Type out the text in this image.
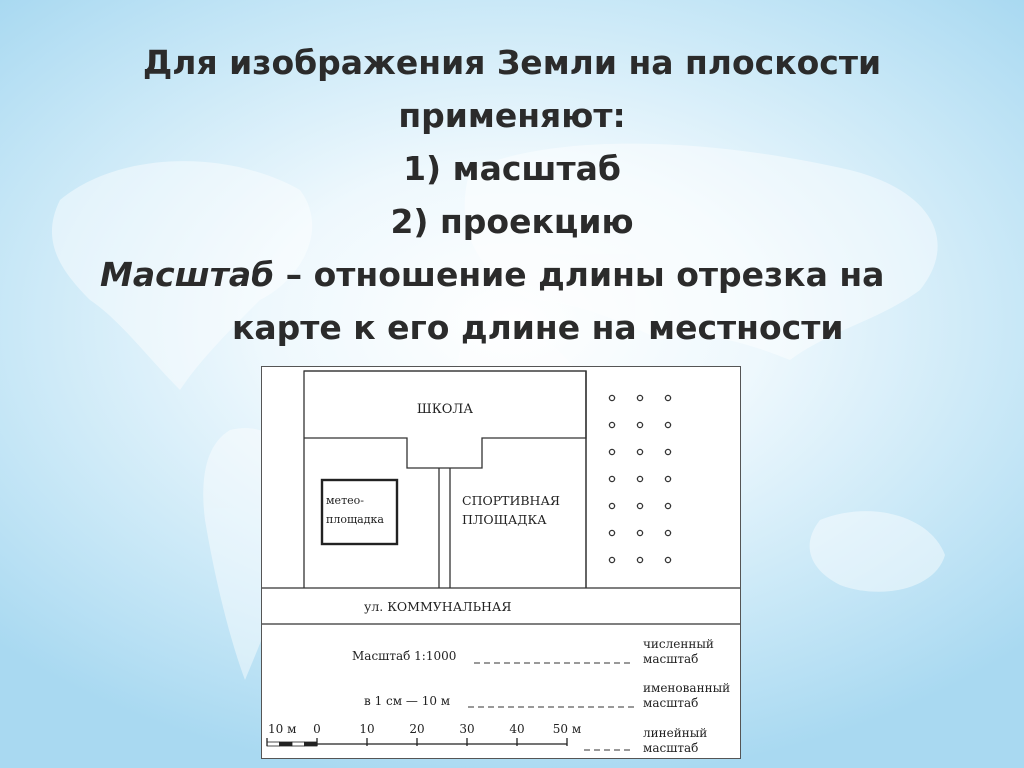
Для изображения Земли на плоскости
применяют:
1) масштаб
2) проекцию
Масштаб – отношение длины отрезка на
карте к его длине на местности
ШКОЛА
метео-
площадка
СПОРТИВНАЯ
ПЛОЩАДКА
ул. КОММУНАЛЬНАЯ
Масштаб 1:1000
численный
масштаб
в 1 см — 10 м
именованный
масштаб
10 м 0	10	20	30	40 50 м	линейный
масштаб
